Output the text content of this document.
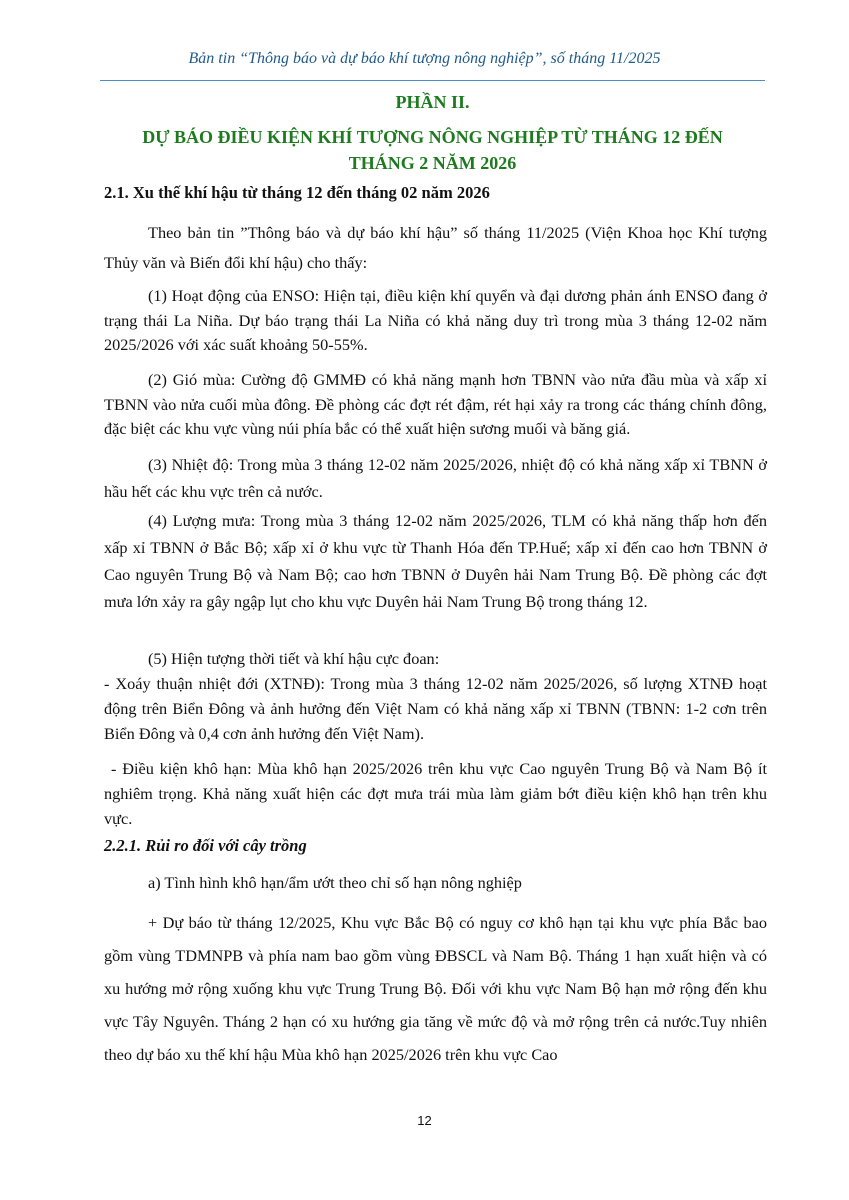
Bản tin “Thông báo và dự báo khí tượng nông nghiệp”, số tháng 11/2025
PHẦN II.
DỰ BÁO ĐIỀU KIỆN KHÍ TƯỢNG NÔNG NGHIỆP TỪ THÁNG 12 ĐẾN
THÁNG 2 NĂM 2026
2.1. Xu thế khí hậu từ tháng 12 đến tháng 02 năm 2026
Theo bản tin ”Thông báo và dự báo khí hậu” số tháng 11/2025 (Viện Khoa học Khí tượng Thủy văn và Biến đổi khí hậu) cho thấy:
(1) Hoạt động của ENSO: Hiện tại, điều kiện khí quyển và đại dương phản ánh ENSO đang ở trạng thái La Niña. Dự báo trạng thái La Niña có khả năng duy trì trong mùa 3 tháng 12-02 năm 2025/2026 với xác suất khoảng 50-55%.
(2) Gió mùa: Cường độ GMMĐ có khả năng mạnh hơn TBNN vào nửa đầu mùa và xấp xỉ TBNN vào nửa cuối mùa đông. Đề phòng các đợt rét đậm, rét hại xảy ra trong các tháng chính đông, đặc biệt các khu vực vùng núi phía bắc có thể xuất hiện sương muối và băng giá.
(3) Nhiệt độ: Trong mùa 3 tháng 12-02 năm 2025/2026, nhiệt độ có khả năng xấp xỉ TBNN ở hầu hết các khu vực trên cả nước.
(4) Lượng mưa: Trong mùa 3 tháng 12-02 năm 2025/2026, TLM có khả năng thấp hơn đến xấp xỉ TBNN ở Bắc Bộ; xấp xỉ ở khu vực từ Thanh Hóa đến TP.Huế; xấp xỉ đến cao hơn TBNN ở Cao nguyên Trung Bộ và Nam Bộ; cao hơn TBNN ở Duyên hải Nam Trung Bộ. Đề phòng các đợt mưa lớn xảy ra gây ngập lụt cho khu vực Duyên hải Nam Trung Bộ trong tháng 12.
(5) Hiện tượng thời tiết và khí hậu cực đoan:
- Xoáy thuận nhiệt đới (XTNĐ): Trong mùa 3 tháng 12-02 năm 2025/2026, số lượng XTNĐ hoạt động trên Biển Đông và ảnh hưởng đến Việt Nam có khả năng xấp xỉ TBNN (TBNN: 1-2 cơn trên Biển Đông và 0,4 cơn ảnh hưởng đến Việt Nam).
- Điều kiện khô hạn: Mùa khô hạn 2025/2026 trên khu vực Cao nguyên Trung Bộ và Nam Bộ ít nghiêm trọng. Khả năng xuất hiện các đợt mưa trái mùa làm giảm bớt điều kiện khô hạn trên khu vực.
2.2.1. Rủi ro đối với cây trồng
a) Tình hình khô hạn/ẩm ướt theo chỉ số hạn nông nghiệp
+ Dự báo từ tháng 12/2025, Khu vực Bắc Bộ có nguy cơ khô hạn tại khu vực phía Bắc bao gồm vùng TDMNPB và phía nam bao gồm vùng ĐBSCL và Nam Bộ. Tháng 1 hạn xuất hiện và có xu hướng mở rộng xuống khu vực Trung Trung Bộ. Đối với khu vực Nam Bộ hạn mở rộng đến khu vực Tây Nguyên. Tháng 2 hạn có xu hướng gia tăng về mức độ và mở rộng trên cả nước.Tuy nhiên theo dự báo xu thế khí hậu Mùa khô hạn 2025/2026 trên khu vực Cao
12
